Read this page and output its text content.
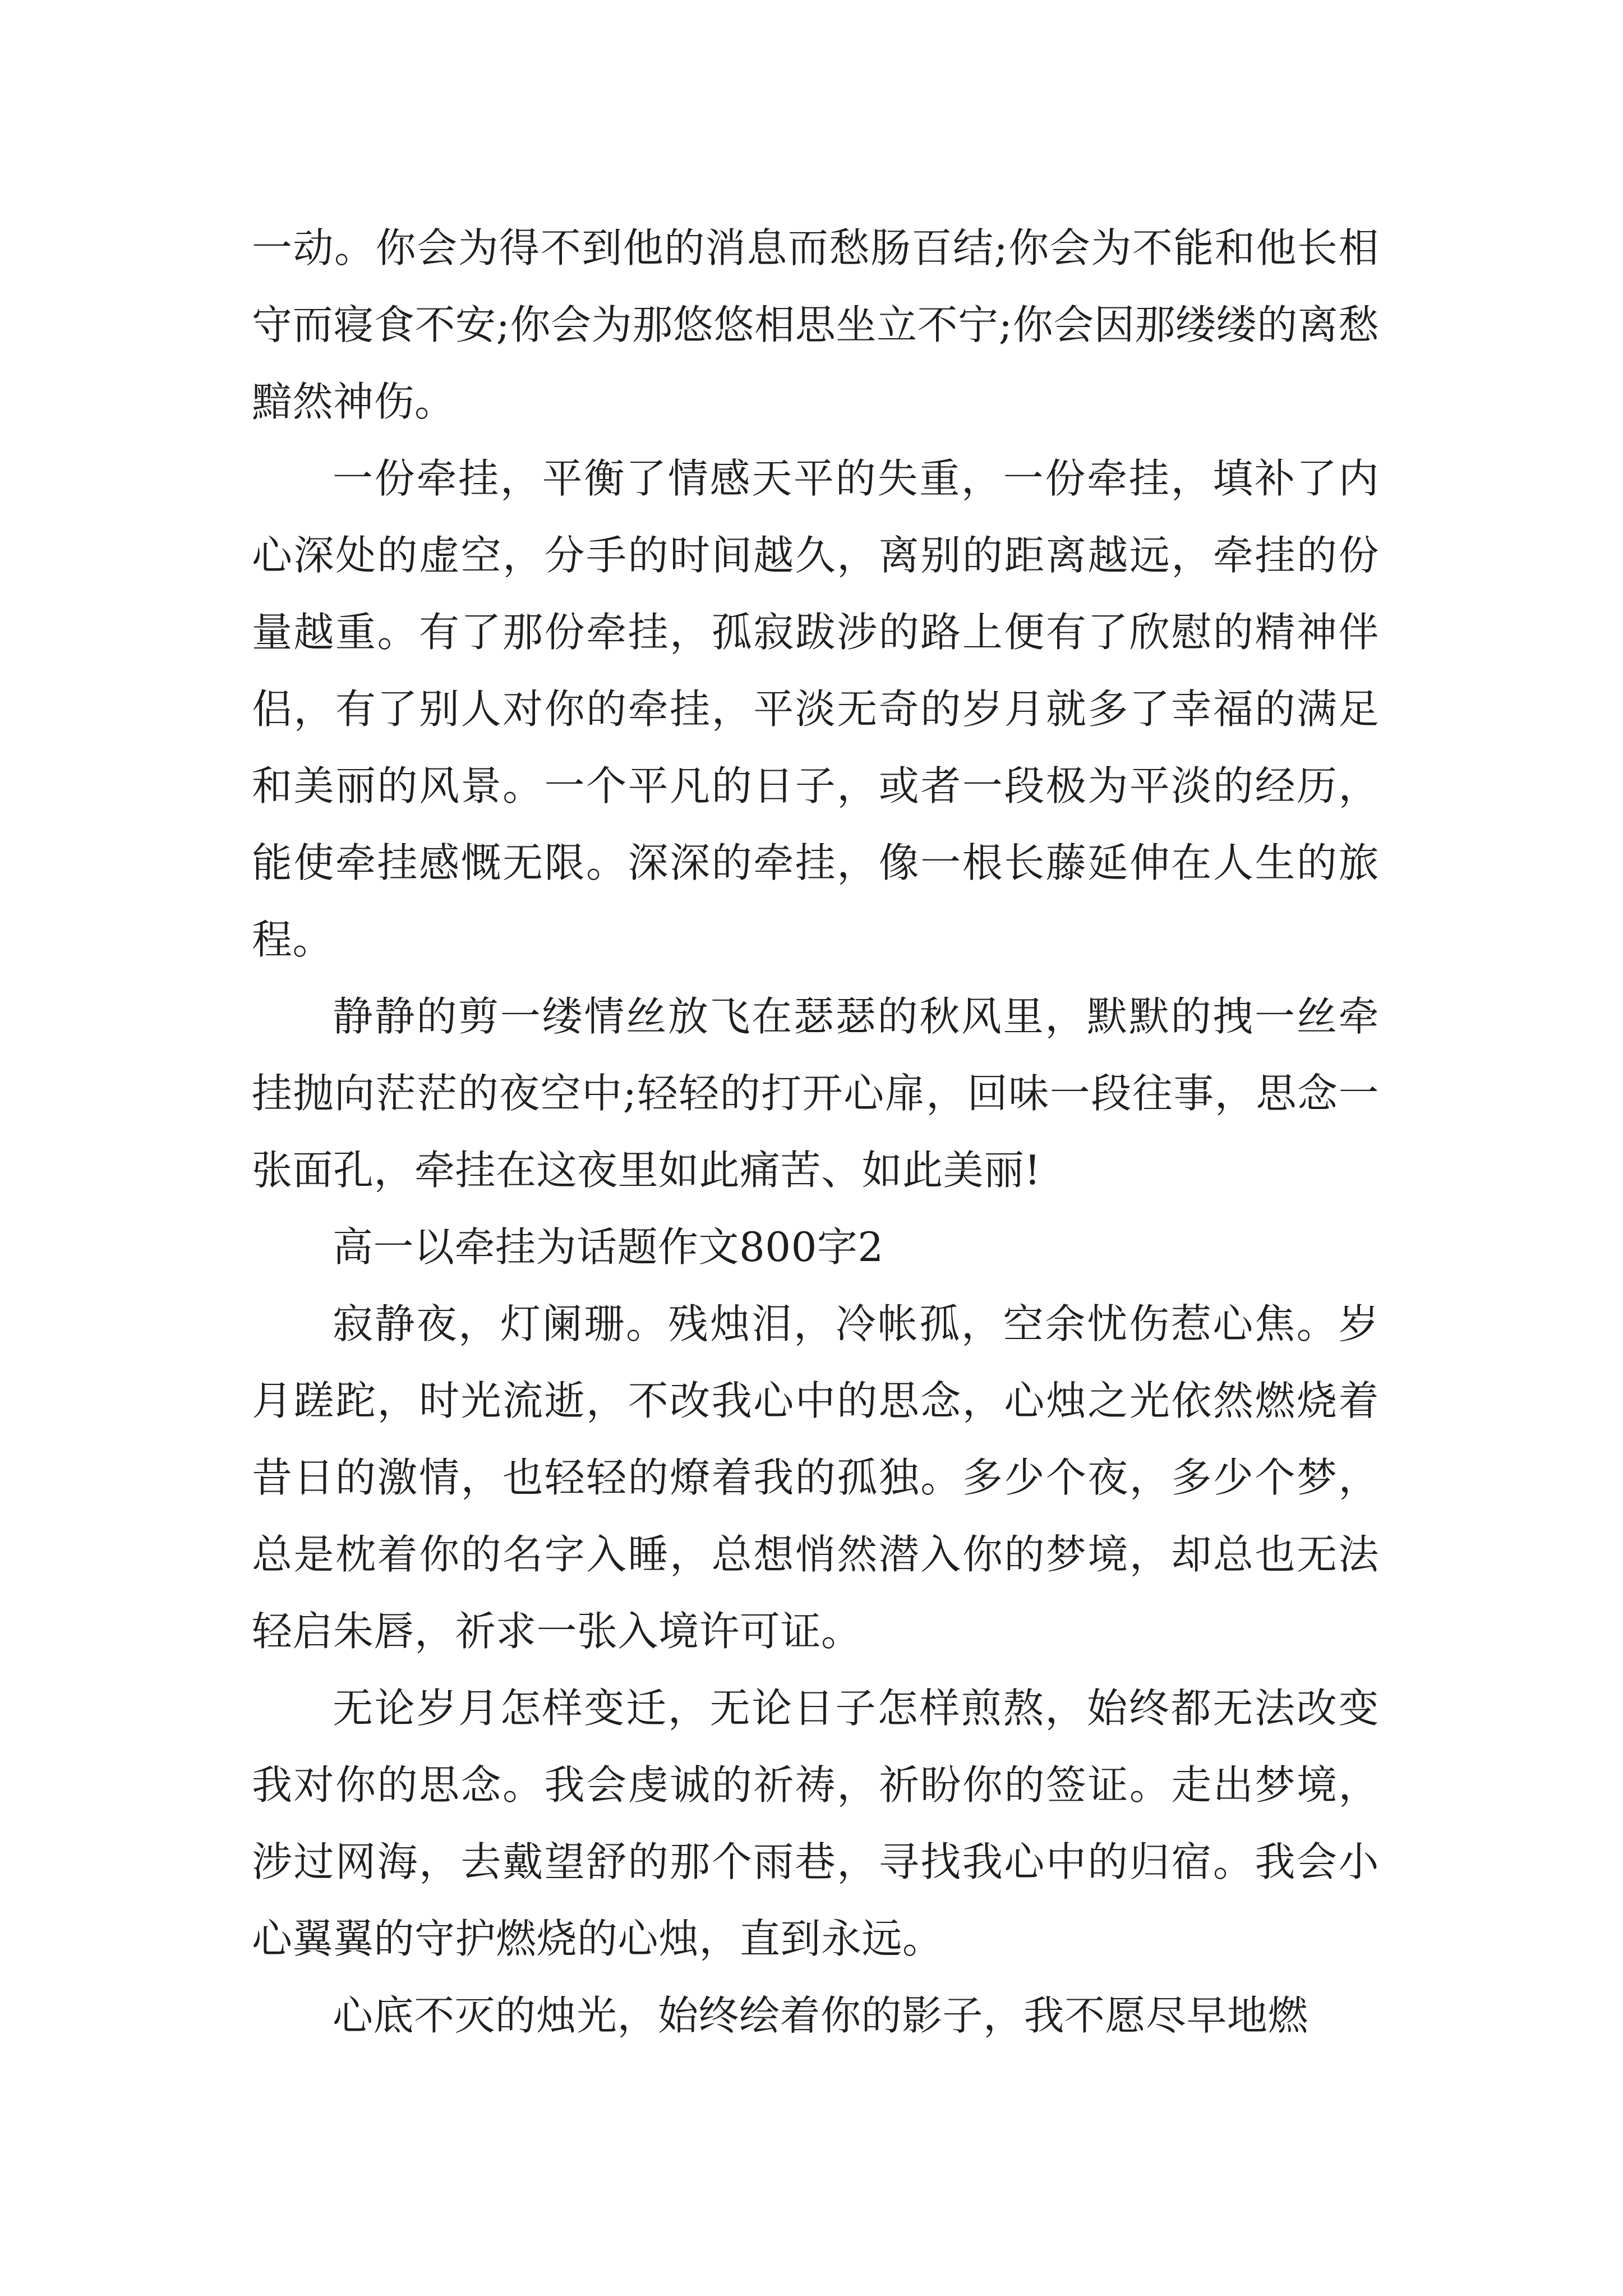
一动。你会为得不到他的消息而愁肠百结;你会为不能和他长相守而寝食不安;你会为那悠悠相思坐立不宁;你会因那缕缕的离愁黯然神伤。

一份牵挂，平衡了情感天平的失重，一份牵挂，填补了内心深处的虚空，分手的时间越久，离别的距离越远，牵挂的份量越重。有了那份牵挂，孤寂跋涉的路上便有了欣慰的精神伴侣，有了别人对你的牵挂，平淡无奇的岁月就多了幸福的满足和美丽的风景。一个平凡的日子，或者一段极为平淡的经历，能使牵挂感慨无限。深深的牵挂，像一根长藤延伸在人生的旅程。

静静的剪一缕情丝放飞在瑟瑟的秋风里，默默的拽一丝牵挂抛向茫茫的夜空中;轻轻的打开心扉，回味一段往事，思念一张面孔，牵挂在这夜里如此痛苦、如此美丽!

高一以牵挂为话题作文800字2

寂静夜，灯阑珊。残烛泪，冷帐孤，空余忧伤惹心焦。岁月蹉跎，时光流逝，不改我心中的思念，心烛之光依然燃烧着昔日的激情，也轻轻的燎着我的孤独。多少个夜，多少个梦，总是枕着你的名字入睡，总想悄然潜入你的梦境，却总也无法轻启朱唇，祈求一张入境许可证。

无论岁月怎样变迁，无论日子怎样煎熬，始终都无法改变我对你的思念。我会虔诚的祈祷，祈盼你的签证。走出梦境，涉过网海，去戴望舒的那个雨巷，寻找我心中的归宿。我会小心翼翼的守护燃烧的心烛，直到永远。

心底不灭的烛光，始终绘着你的影子，我不愿尽早地燃
